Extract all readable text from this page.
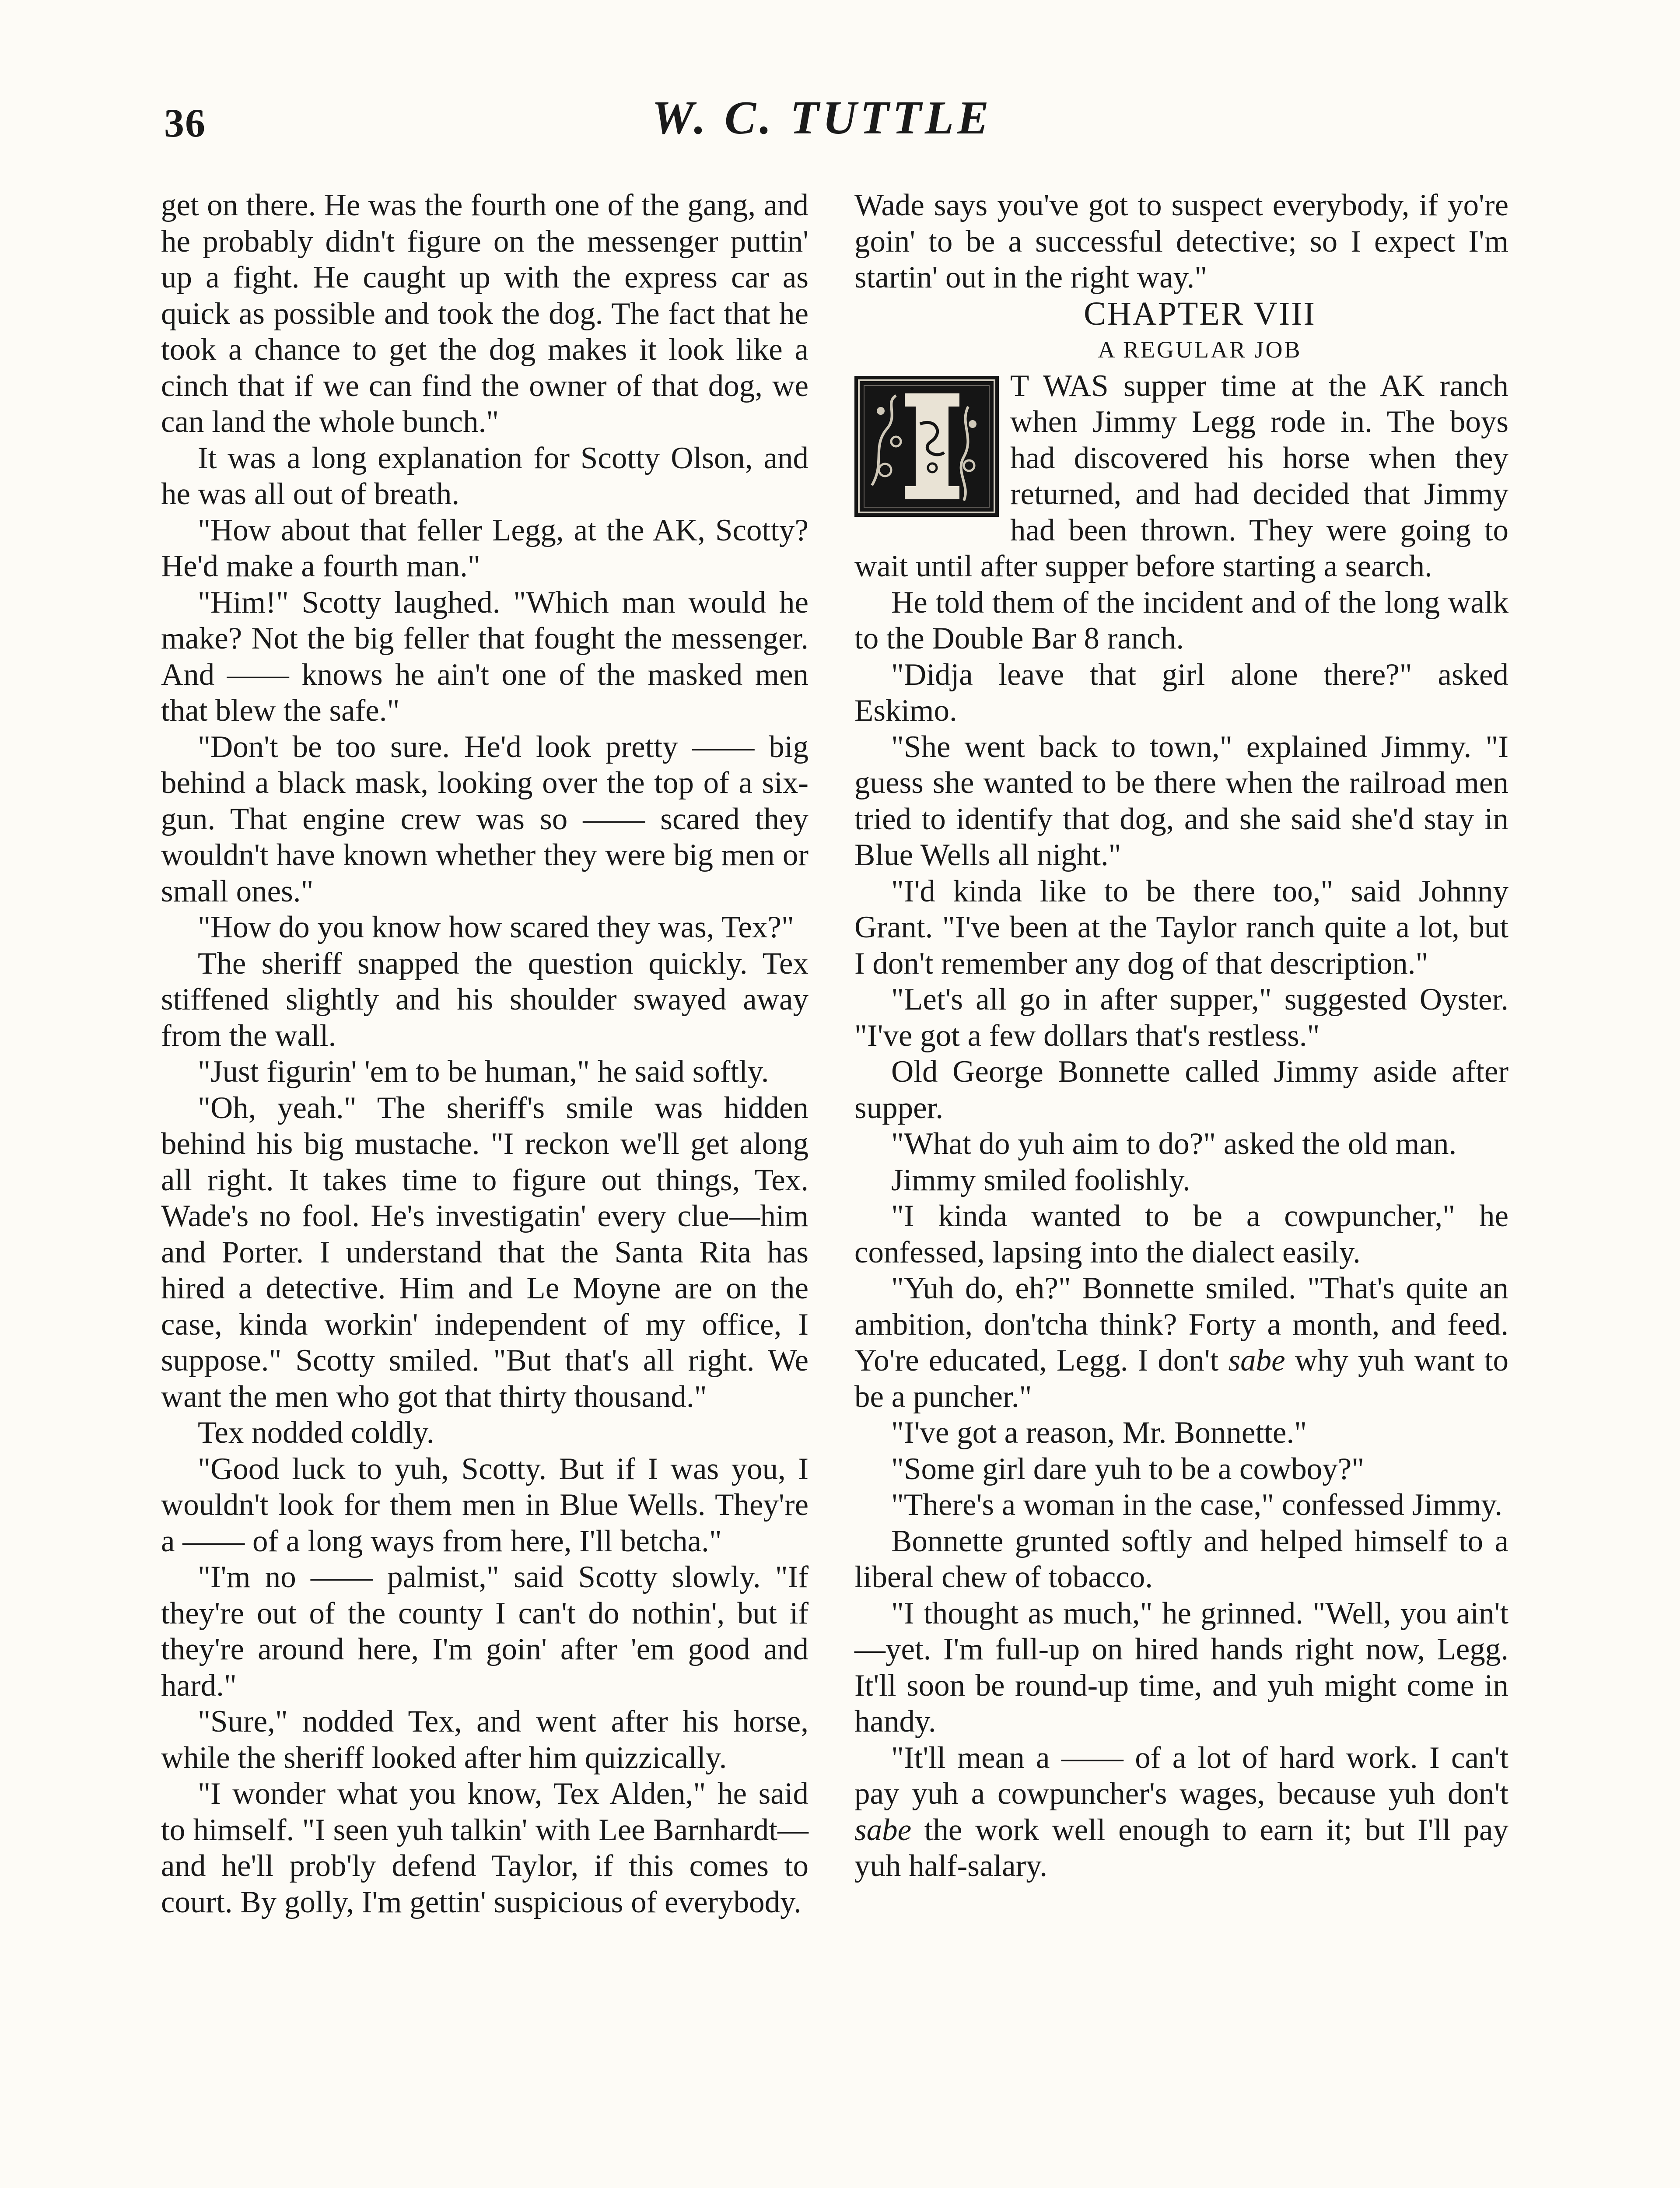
36	W. C. TUTTLE

get on there. He was the fourth one of the gang, and he probably didn't figure on the messenger puttin' up a fight. He caught up with the express car as quick as possible and took the dog. The fact that he took a chance to get the dog makes it look like a cinch that if we can find the owner of that dog, we can land the whole bunch."

It was a long explanation for Scotty Olson, and he was all out of breath.

"How about that feller Legg, at the AK, Scotty? He'd make a fourth man."

"Him!" Scotty laughed. "Which man would he make? Not the big feller that fought the messenger. And —— knows he ain't one of the masked men that blew the safe."

"Don't be too sure. He'd look pretty —— big behind a black mask, looking over the top of a six-gun. That engine crew was so —— scared they wouldn't have known whether they were big men or small ones."

"How do you know how scared they was, Tex?"

The sheriff snapped the question quickly. Tex stiffened slightly and his shoulder swayed away from the wall.

"Just figurin' 'em to be human," he said softly.

"Oh, yeah." The sheriff's smile was hidden behind his big mustache. "I reckon we'll get along all right. It takes time to figure out things, Tex. Wade's no fool. He's investigatin' every clue—him and Porter. I understand that the Santa Rita has hired a detective. Him and Le Moyne are on the case, kinda workin' independent of my office, I suppose." Scotty smiled. "But that's all right. We want the men who got that thirty thousand."

Tex nodded coldly.

"Good luck to yuh, Scotty. But if I was you, I wouldn't look for them men in Blue Wells. They're a —— of a long ways from here, I'll betcha."

"I'm no —— palmist," said Scotty slowly. "If they're out of the county I can't do nothin', but if they're around here, I'm goin' after 'em good and hard."

"Sure," nodded Tex, and went after his horse, while the sheriff looked after him quizzically.

"I wonder what you know, Tex Alden," he said to himself. "I seen yuh talkin' with Lee Barnhardt—and he'll prob'ly defend Taylor, if this comes to court. By golly, I'm gettin' suspicious of everybody.

Wade says you've got to suspect everybody, if yo're goin' to be a successful detective; so I expect I'm startin' out in the right way."

CHAPTER VIII

A REGULAR JOB

T WAS supper time at the AK ranch when Jimmy Legg rode in. The boys had discovered his horse when they returned, and had decided that Jimmy had been thrown. They were going to wait until after supper before starting a search.

He told them of the incident and of the long walk to the Double Bar 8 ranch.

"Didja leave that girl alone there?" asked Eskimo.

"She went back to town," explained Jimmy. "I guess she wanted to be there when the railroad men tried to identify that dog, and she said she'd stay in Blue Wells all night."

"I'd kinda like to be there too," said Johnny Grant. "I've been at the Taylor ranch quite a lot, but I don't remember any dog of that description."

"Let's all go in after supper," suggested Oyster. "I've got a few dollars that's restless."

Old George Bonnette called Jimmy aside after supper.

"What do yuh aim to do?" asked the old man.

Jimmy smiled foolishly.

"I kinda wanted to be a cowpuncher," he confessed, lapsing into the dialect easily.

"Yuh do, eh?" Bonnette smiled. "That's quite an ambition, don'tcha think? Forty a month, and feed. Yo're educated, Legg. I don't sabe why yuh want to be a puncher."

"I've got a reason, Mr. Bonnette."

"Some girl dare yuh to be a cowboy?"

"There's a woman in the case," confessed Jimmy.

Bonnette grunted softly and helped himself to a liberal chew of tobacco.

"I thought as much," he grinned. "Well, you ain't—yet. I'm full-up on hired hands right now, Legg. It'll soon be round-up time, and yuh might come in handy.

"It'll mean a —— of a lot of hard work. I can't pay yuh a cowpuncher's wages, because yuh don't sabe the work well enough to earn it; but I'll pay yuh half-salary.
